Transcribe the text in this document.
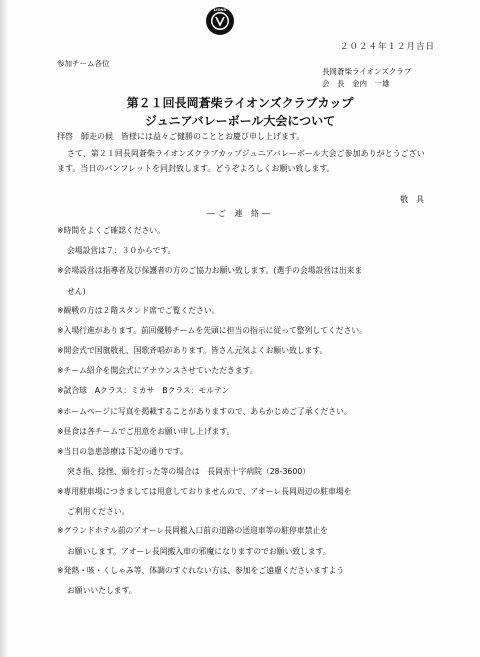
LIONS
２０２４年１２月吉日
参加チーム各位
長岡蒼柴ライオンズクラブ
会　長　金内　一雄
第２１回長岡蒼柴ライオンズクラブカップ
ジュニアバレーボール大会について
拝啓　師走の候　皆様には益々ご健勝のこととお慶び申し上げます。
さて、第２１回長岡蒼柴ライオンズクラブカップジュニアバレーボール大会ご参加ありがとうございます。当日のパンフレットを同封致します。どうぞよろしくお願い致します。
敬　具
―ご 連 絡―
※時間をよくご確認ください。
会場設営は７：３０からです。
※会場設営は指導者及び保護者の方のご協力お願い致します。(選手の会場設営は出来ま
せん)
※観戦の方は２階スタンド席でご覧ください。
※入場行進があります。前回優勝チームを先頭に担当の指示に従って整列してください。
※開会式で国旗敬礼、国歌斉唱があります。皆さん元気よくお願い致します。
※チーム紹介を開会式にアナウンスさせていただきます。
※試合球　Aクラス：ミカサ　Bクラス：モルテン
※ホームページに写真を掲載することがありますので、あらかじめご了承ください。
※昼食は各チームでご用意をお願い申し上げます。
※当日の急患診療は下記の通りです。
突き指、捻挫、頭を打った等の場合は　長岡赤十字病院（28-3600）
※専用駐車場につきましては用意しておりませんので、アオーレ長岡周辺の駐車場を
ご利用ください。
※グランドホテル前のアオーレ長岡搬入口前の道路の送迎車等の駐停車禁止を
お願いします。アオーレ長岡搬入車の邪魔になりますのでお願い致します。
※発熱・咳・くしゃみ等、体調のすぐれない方は、参加をご遠慮くださいますよう
お願いいたします。
